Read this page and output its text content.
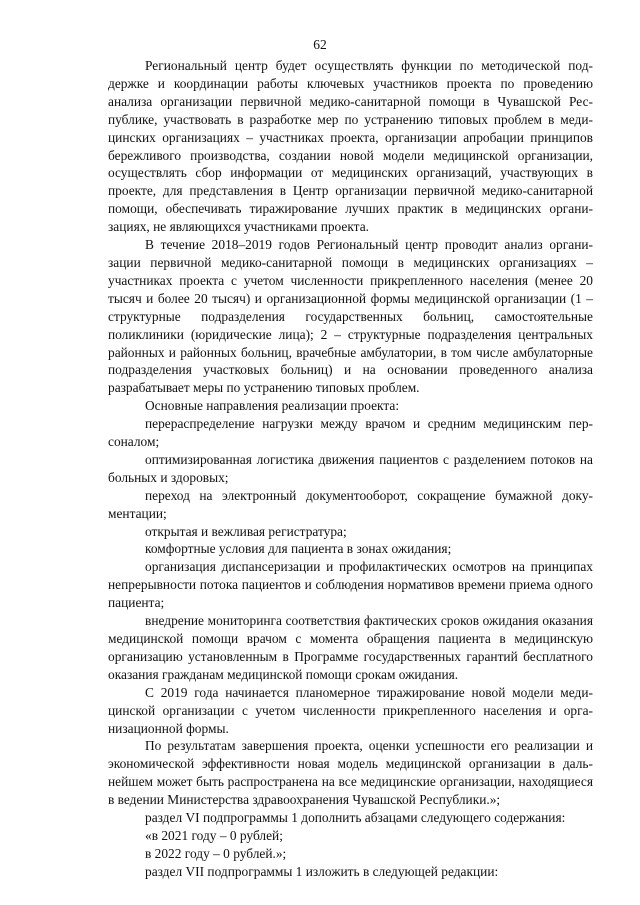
62

Региональный центр будет осуществлять функции по методической поддержке и координации работы ключевых участников проекта по проведению анализа организации первичной медико-санитарной помощи в Чувашской Республике, участвовать в разработке мер по устранению типовых проблем в медицинских организациях – участниках проекта, организации апробации принципов бережливого производства, создании новой модели медицинской организации, осуществлять сбор информации от медицинских организаций, участвующих в проекте, для представления в Центр организации первичной медико-санитарной помощи, обеспечивать тиражирование лучших практик в медицинских организациях, не являющихся участниками проекта.

В течение 2018–2019 годов Региональный центр проводит анализ организации первичной медико-санитарной помощи в медицинских организациях – участниках проекта с учетом численности прикрепленного населения (менее 20 тысяч и более 20 тысяч) и организационной формы медицинской организации (1 – структурные подразделения государственных больниц, самостоятельные поликлиники (юридические лица); 2 – структурные подразделения центральных районных и районных больниц, врачебные амбулатории, в том числе амбулаторные подразделения участковых больниц) и на основании проведенного анализа разрабатывает меры по устранению типовых проблем.

Основные направления реализации проекта:

перераспределение нагрузки между врачом и средним медицинским персоналом;

оптимизированная логистика движения пациентов с разделением потоков на больных и здоровых;

переход на электронный документооборот, сокращение бумажной документации;

открытая и вежливая регистратура;

комфортные условия для пациента в зонах ожидания;

организация диспансеризации и профилактических осмотров на принципах непрерывности потока пациентов и соблюдения нормативов времени приема одного пациента;

внедрение мониторинга соответствия фактических сроков ожидания оказания медицинской помощи врачом с момента обращения пациента в медицинскую организацию установленным в Программе государственных гарантий бесплатного оказания гражданам медицинской помощи срокам ожидания.

С 2019 года начинается планомерное тиражирование новой модели медицинской организации с учетом численности прикрепленного населения и организационной формы.

По результатам завершения проекта, оценки успешности его реализации и экономической эффективности новая модель медицинской организации в дальнейшем может быть распространена на все медицинские организации, находящиеся в ведении Министерства здравоохранения Чувашской Республики.»;

раздел VI подпрограммы 1 дополнить абзацами следующего содержания:

«в 2021 году – 0 рублей;

в 2022 году – 0 рублей.»;

раздел VII подпрограммы 1 изложить в следующей редакции:
